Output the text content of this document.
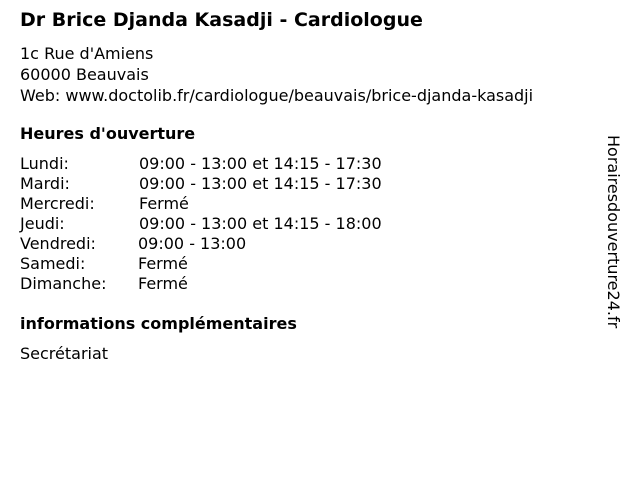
Dr Brice Djanda Kasadji - Cardiologue
1c Rue d'Amiens
60000 Beauvais
Web: www.doctolib.fr/cardiologue/beauvais/brice-djanda-kasadji
Heures d'ouverture
Lundi:	09:00 - 13:00 et 14:15 - 17:30
Mardi:	09:00 - 13:00 et 14:15 - 17:30
Mercredi:	Fermé
Jeudi:	09:00 - 13:00 et 14:15 - 18:00
Vendredi:	09:00 - 13:00
Samedi:	Fermé
Dimanche:	Fermé
informations complémentaires
Secrétariat
Horairesdouverture24.fr
